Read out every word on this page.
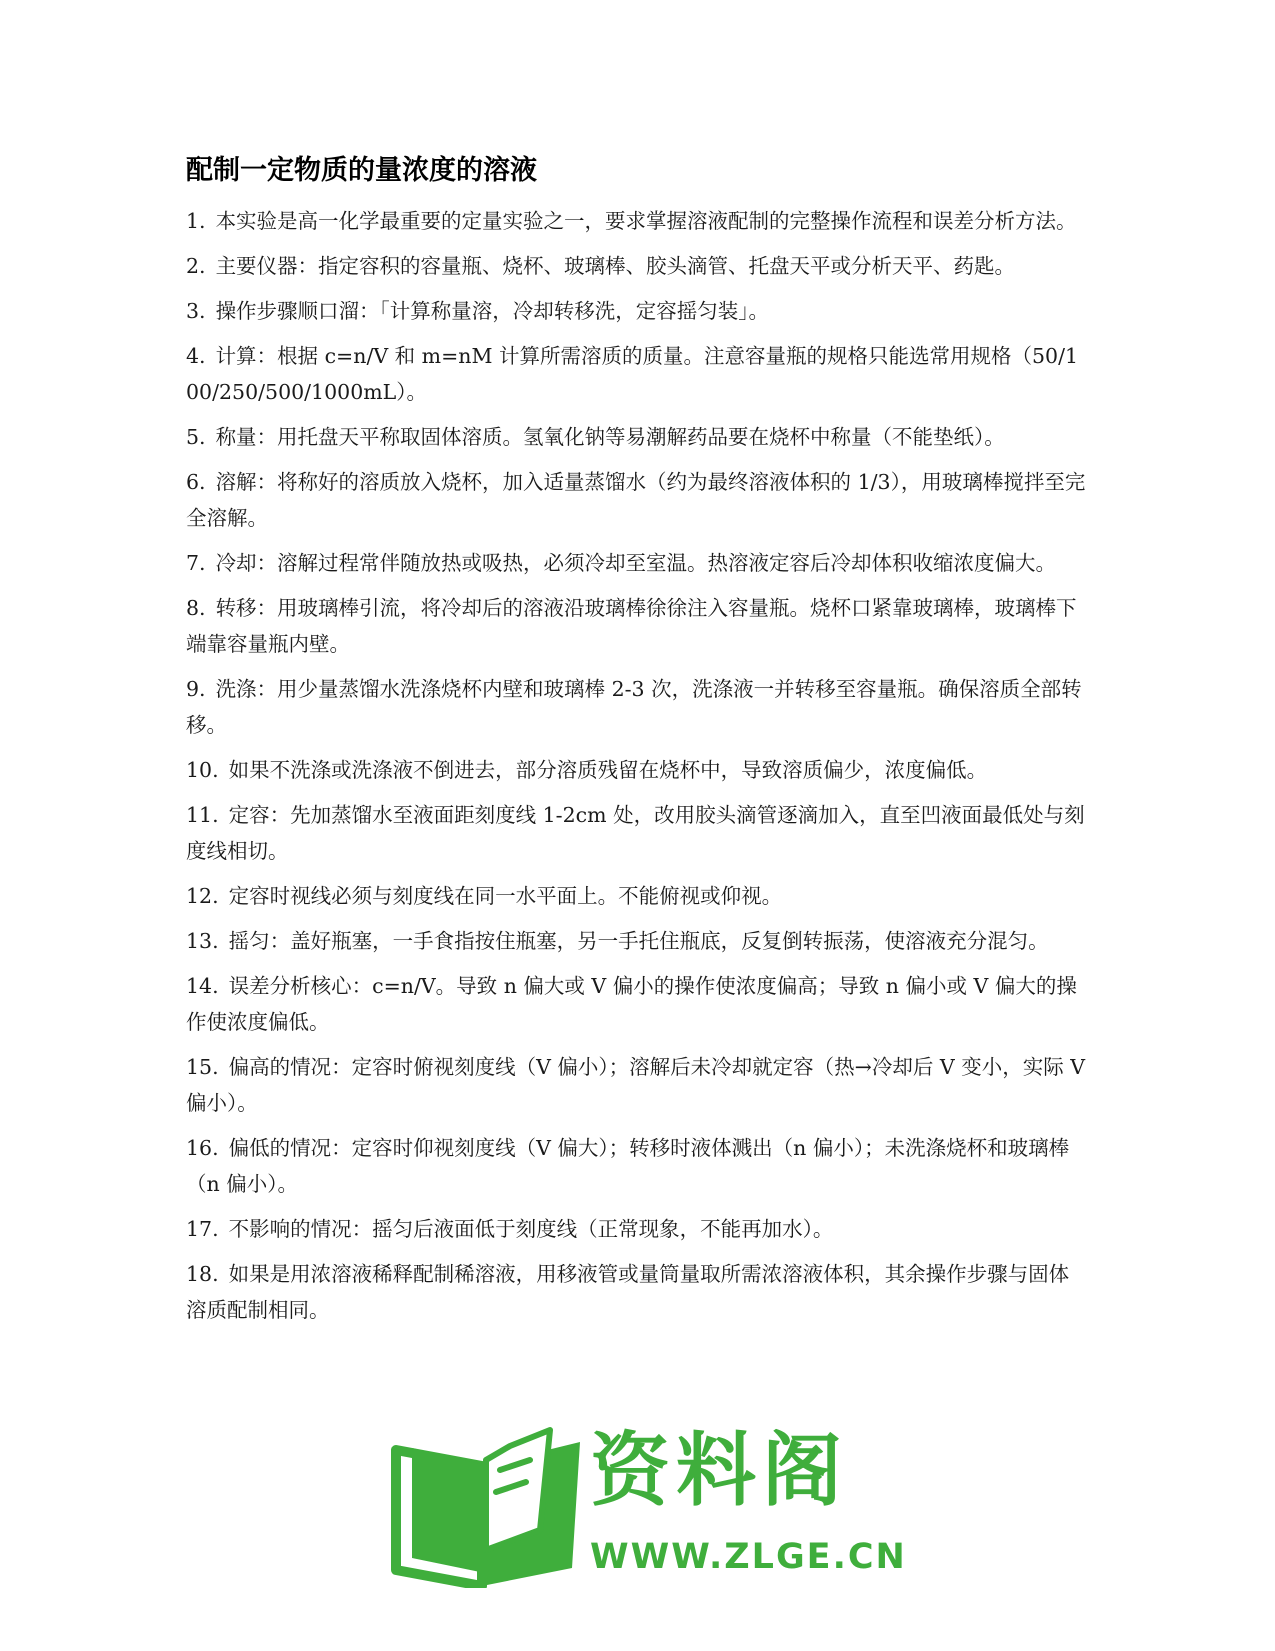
配制一定物质的量浓度的溶液
1. 本实验是高一化学最重要的定量实验之一，要求掌握溶液配制的完整操作流程和误差分析方法。
2. 主要仪器：指定容积的容量瓶、烧杯、玻璃棒、胶头滴管、托盘天平或分析天平、药匙。
3. 操作步骤顺口溜：「计算称量溶，冷却转移洗，定容摇匀装」。
4. 计算：根据 c=n/V 和 m=nM 计算所需溶质的质量。注意容量瓶的规格只能选常用规格（50/100/250/500/1000mL）。
5. 称量：用托盘天平称取固体溶质。氢氧化钠等易潮解药品要在烧杯中称量（不能垫纸）。
6. 溶解：将称好的溶质放入烧杯，加入适量蒸馏水（约为最终溶液体积的 1/3），用玻璃棒搅拌至完全溶解。
7. 冷却：溶解过程常伴随放热或吸热，必须冷却至室温。热溶液定容后冷却体积收缩浓度偏大。
8. 转移：用玻璃棒引流，将冷却后的溶液沿玻璃棒徐徐注入容量瓶。烧杯口紧靠玻璃棒，玻璃棒下端靠容量瓶内壁。
9. 洗涤：用少量蒸馏水洗涤烧杯内壁和玻璃棒 2-3 次，洗涤液一并转移至容量瓶。确保溶质全部转移。
10. 如果不洗涤或洗涤液不倒进去，部分溶质残留在烧杯中，导致溶质偏少，浓度偏低。
11. 定容：先加蒸馏水至液面距刻度线 1-2cm 处，改用胶头滴管逐滴加入，直至凹液面最低处与刻度线相切。
12. 定容时视线必须与刻度线在同一水平面上。不能俯视或仰视。
13. 摇匀：盖好瓶塞，一手食指按住瓶塞，另一手托住瓶底，反复倒转振荡，使溶液充分混匀。
14. 误差分析核心：c=n/V。导致 n 偏大或 V 偏小的操作使浓度偏高；导致 n 偏小或 V 偏大的操作使浓度偏低。
15. 偏高的情况：定容时俯视刻度线（V 偏小）；溶解后未冷却就定容（热→冷却后 V 变小，实际 V 偏小）。
16. 偏低的情况：定容时仰视刻度线（V 偏大）；转移时液体溅出（n 偏小）；未洗涤烧杯和玻璃棒（n 偏小）。
17. 不影响的情况：摇匀后液面低于刻度线（正常现象，不能再加水）。
18. 如果是用浓溶液稀释配制稀溶液，用移液管或量筒量取所需浓溶液体积，其余操作步骤与固体溶质配制相同。
资料阁
WWW.ZLGE.CN
